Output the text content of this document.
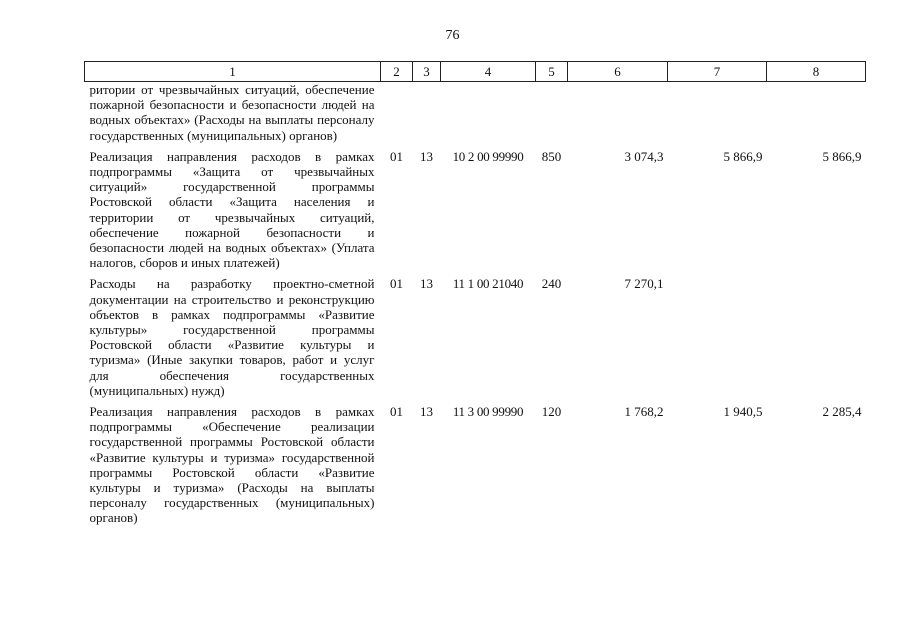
76
1	2	3	4	5	6	7	8
ритории от чрезвычайных ситуаций, обеспечение пожарной безопасности и безопасности людей на водных объектах» (Расходы на выплаты персоналу государственных (муниципальных) органов)							
Реализация направления расходов в рамках подпрограммы «Защита от чрезвычайных ситуаций» государственной программы Ростовской области «Защита населения и территории от чрезвычайных ситуаций, обеспечение пожарной безопасности и безопасности людей на водных объектах» (Уплата налогов, сборов и иных платежей)	01	13	10 2 00 99990	850	3 074,3	5 866,9	5 866,9
Расходы на разработку проектно-сметной документации на строительство и реконструкцию объектов в рамках подпрограммы «Развитие культуры» государственной программы Ростовской области «Развитие культуры и туризма» (Иные закупки товаров, работ и услуг для обеспечения государственных (муниципальных) нужд)	01	13	11 1 00 21040	240	7 270,1		
Реализация направления расходов в рамках подпрограммы «Обеспечение реализации государственной программы Ростовской области «Развитие культуры и туризма» государственной программы Ростовской области «Развитие культуры и туризма» (Расходы на выплаты персоналу государственных (муниципальных) органов)	01	13	11 3 00 99990	120	1 768,2	1 940,5	2 285,4
